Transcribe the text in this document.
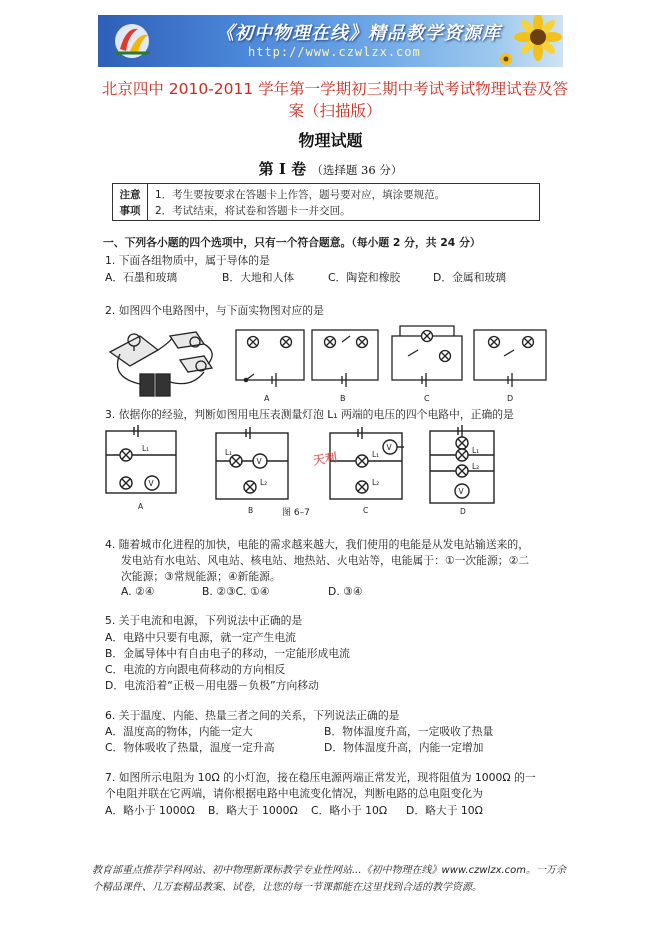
《初中物理在线》精品教学资源库
http://www.czwlzx.com
北京四中 2010-2011 学年第一学期初三期中考试考试物理试卷及答案（扫描版）
物理试题
第 I 卷 （选择题 36 分）
注意
事项
1．考生要按要求在答题卡上作答，题号要对应，填涂要规范。
2．考试结束，将试卷和答题卡一并交回。
一、下列各小题的四个选项中，只有一个符合题意。（每小题 2 分，共 24 分）
1. 下面各组物质中，属于导体的是
A．石墨和玻璃	B．大地和人体	C．陶瓷和橡胶	D．金属和玻璃
2. 如图四个电路图中，与下面实物图对应的是
A	B	C	D
3. 依据你的经验，判断如图用电压表测量灯泡 L₁ 两端的电压的四个电路中，正确的是
L₁
V
L₁
V
L₂
L₁
V
L₂
L₁
L₂
V
A	B	C	D
天利
图 6–7
4. 随着城市化进程的加快，电能的需求越来越大，我们使用的电能是从发电站输送来的，
发电站有水电站、风电站、核电站、地热站、火电站等，电能属于：①一次能源；②二
次能源；③常规能源；④新能源。
A. ②④	B. ②③C. ①④	D. ③④
5. 关于电流和电源，下列说法中正确的是
A．电路中只要有电源，就一定产生电流
B．金属导体中有自由电子的移动，一定能形成电流
C．电流的方向跟电荷移动的方向相反
D．电流沿着“正极－用电器－负极”方向移动
6. 关于温度、内能、热量三者之间的关系，下列说法正确的是
A．温度高的物体，内能一定大	B．物体温度升高，一定吸收了热量
C．物体吸收了热量，温度一定升高	D．物体温度升高，内能一定增加
7. 如图所示电阻为 10Ω 的小灯泡，接在稳压电源两端正常发光，现将阻值为 1000Ω 的一
个电阻并联在它两端，请你根据电路中电流变化情况，判断电路的总电阻变化为
A．略小于 1000Ω B．略大于 1000Ω C．略小于 10Ω D．略大于 10Ω
教育部重点推荐学科网站、初中物理新课标教学专业性网站...《初中物理在线》www.czwlzx.com。一万余
个精品课件、几万套精品教案、试卷，让您的每一节课都能在这里找到合适的教学资源。
